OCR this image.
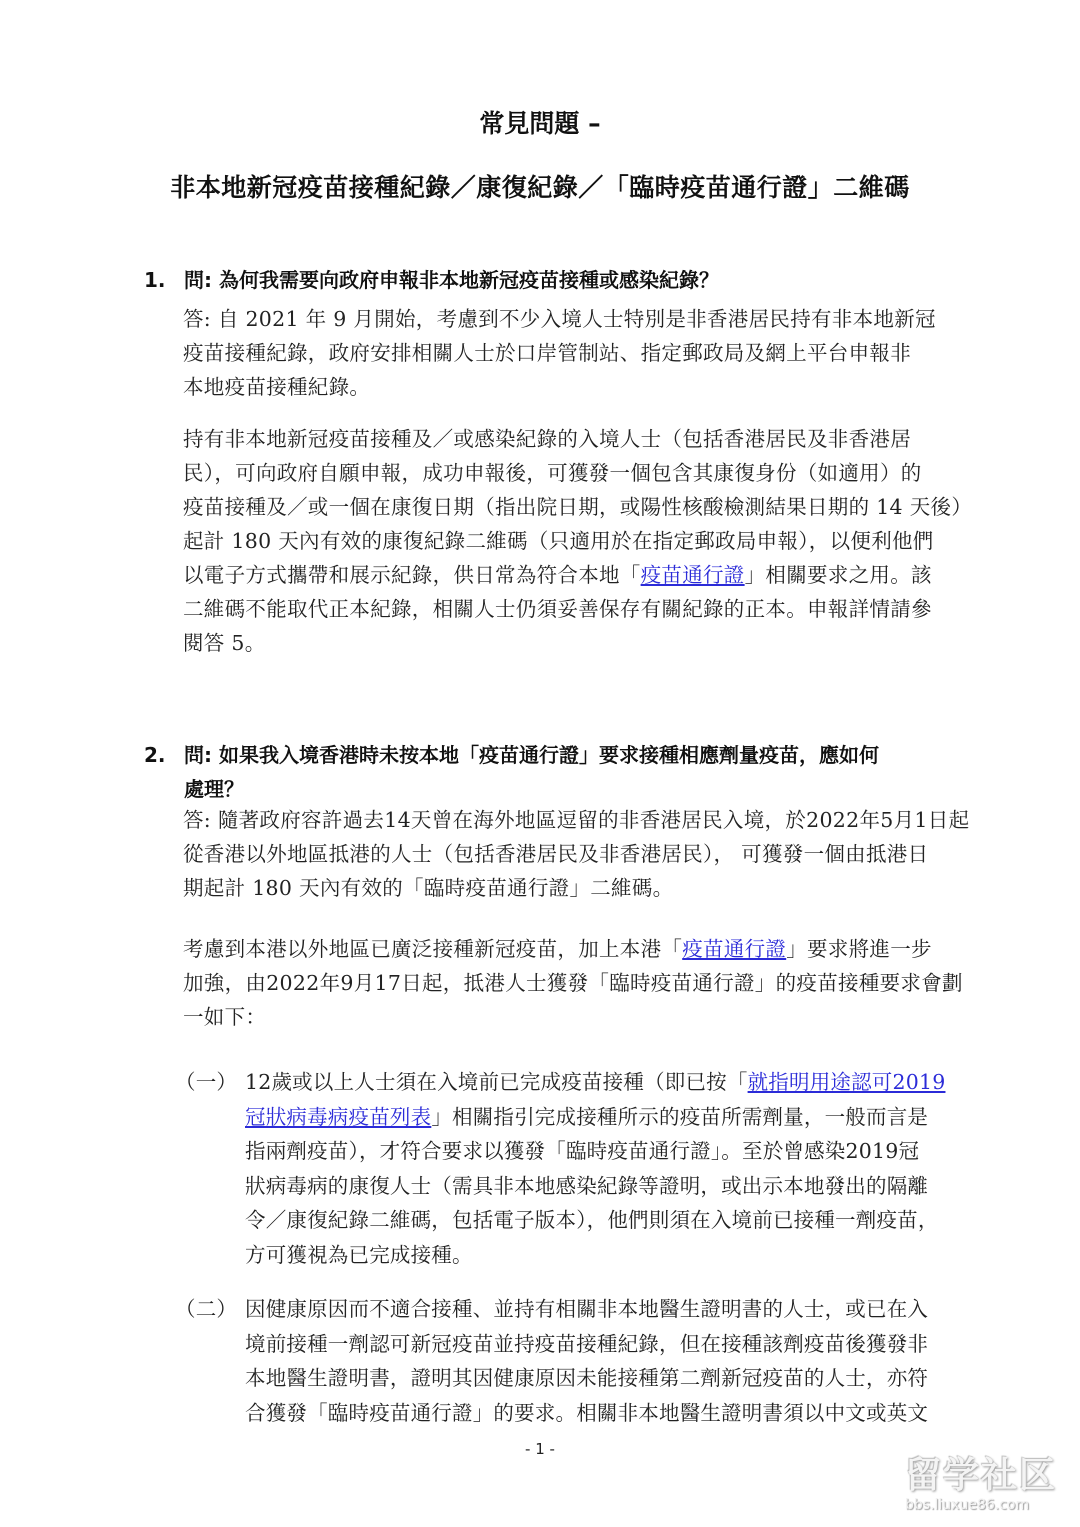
常見問題 –
非本地新冠疫苗接種紀錄／康復紀錄／「臨時疫苗通行證」二維碼
1. 問: 為何我需要向政府申報非本地新冠疫苗接種或感染紀錄？
答: 自 2021 年 9 月開始，考慮到不少入境人士特別是非香港居民持有非本地新冠
疫苗接種紀錄，政府安排相關人士於口岸管制站、指定郵政局及網上平台申報非
本地疫苗接種紀錄。
持有非本地新冠疫苗接種及／或感染紀錄的入境人士（包括香港居民及非香港居
民），可向政府自願申報，成功申報後，可獲發一個包含其康復身份（如適用）的
疫苗接種及／或一個在康復日期（指出院日期，或陽性核酸檢測結果日期的 14 天後）
起計 180 天內有效的康復紀錄二維碼（只適用於在指定郵政局申報），以便利他們
以電子方式攜帶和展示紀錄，供日常為符合本地「疫苗通行證」相關要求之用。該
二維碼不能取代正本紀錄，相關人士仍須妥善保存有關紀錄的正本。申報詳情請參
閱答 5。
2. 問: 如果我入境香港時未按本地「疫苗通行證」要求接種相應劑量疫苗，應如何
處理？
答: 隨著政府容許過去14天曾在海外地區逗留的非香港居民入境，於2022年5月1日起
從香港以外地區抵港的人士（包括香港居民及非香港居民）， 可獲發一個由抵港日
期起計 180 天內有效的「臨時疫苗通行證」二維碼。
考慮到本港以外地區已廣泛接種新冠疫苗，加上本港「疫苗通行證」要求將進一步
加強，由2022年9月17日起，抵港人士獲發「臨時疫苗通行證」的疫苗接種要求會劃
一如下：
（一） 12歲或以上人士須在入境前已完成疫苗接種（即已按「就指明用途認可2019
冠狀病毒病疫苗列表」相關指引完成接種所示的疫苗所需劑量，一般而言是
指兩劑疫苗），才符合要求以獲發「臨時疫苗通行證」。至於曾感染2019冠
狀病毒病的康復人士（需具非本地感染紀錄等證明，或出示本地發出的隔離
令／康復紀錄二維碼，包括電子版本），他們則須在入境前已接種一劑疫苗，
方可獲視為已完成接種。
（二） 因健康原因而不適合接種、並持有相關非本地醫生證明書的人士，或已在入
境前接種一劑認可新冠疫苗並持疫苗接種紀錄，但在接種該劑疫苗後獲發非
本地醫生證明書，證明其因健康原因未能接種第二劑新冠疫苗的人士，亦符
合獲發「臨時疫苗通行證」的要求。相關非本地醫生證明書須以中文或英文
- 1 -
留学社区
bbs.liuxue86.com
